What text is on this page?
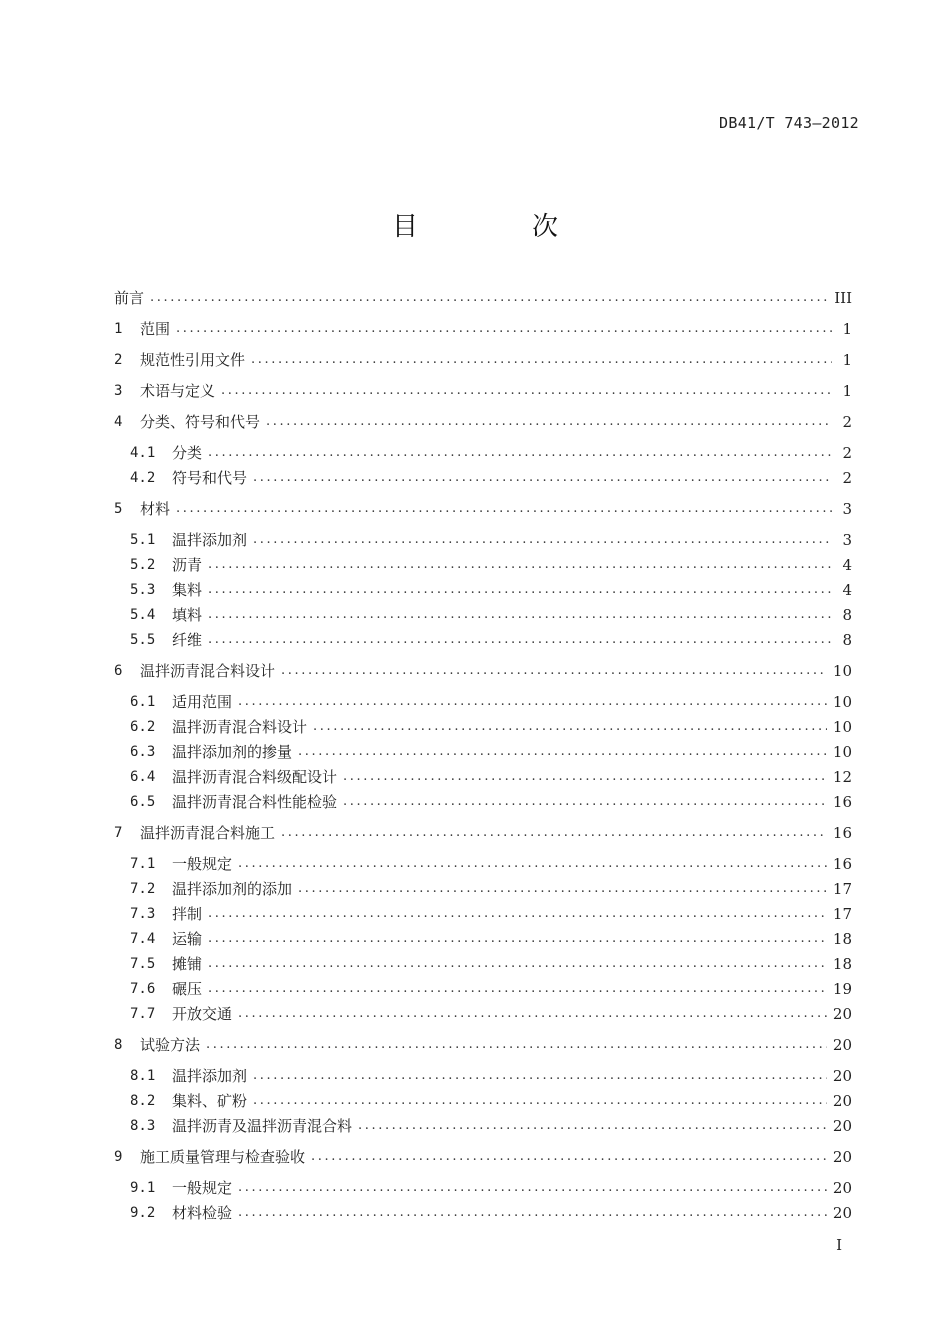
DB41/T 743—2012
目　次
前言 .....	III
1	范围 .....	1
2	规范性引用文件 .....	1
3	术语与定义 .....	1
4	分类、符号和代号 .....	2
4.1	分类 .....	2
4.2	符号和代号 .....	2
5	材料 .....	3
5.1	温拌添加剂 .....	3
5.2	沥青 .....	4
5.3	集料 .....	4
5.4	填料 .....	8
5.5	纤维 .....	8
6	温拌沥青混合料设计 .....	10
6.1	适用范围 .....	10
6.2	温拌沥青混合料设计 .....	10
6.3	温拌添加剂的掺量 .....	10
6.4	温拌沥青混合料级配设计 .....	12
6.5	温拌沥青混合料性能检验 .....	16
7	温拌沥青混合料施工 .....	16
7.1	一般规定 .....	16
7.2	温拌添加剂的添加 .....	17
7.3	拌制 .....	17
7.4	运输 .....	18
7.5	摊铺 .....	18
7.6	碾压 .....	19
7.7	开放交通 .....	20
8	试验方法 .....	20
8.1	温拌添加剂 .....	20
8.2	集料、矿粉 .....	20
8.3	温拌沥青及温拌沥青混合料 .....	20
9	施工质量管理与检查验收 .....	20
9.1	一般规定 .....	20
9.2	材料检验 .....	20
I
